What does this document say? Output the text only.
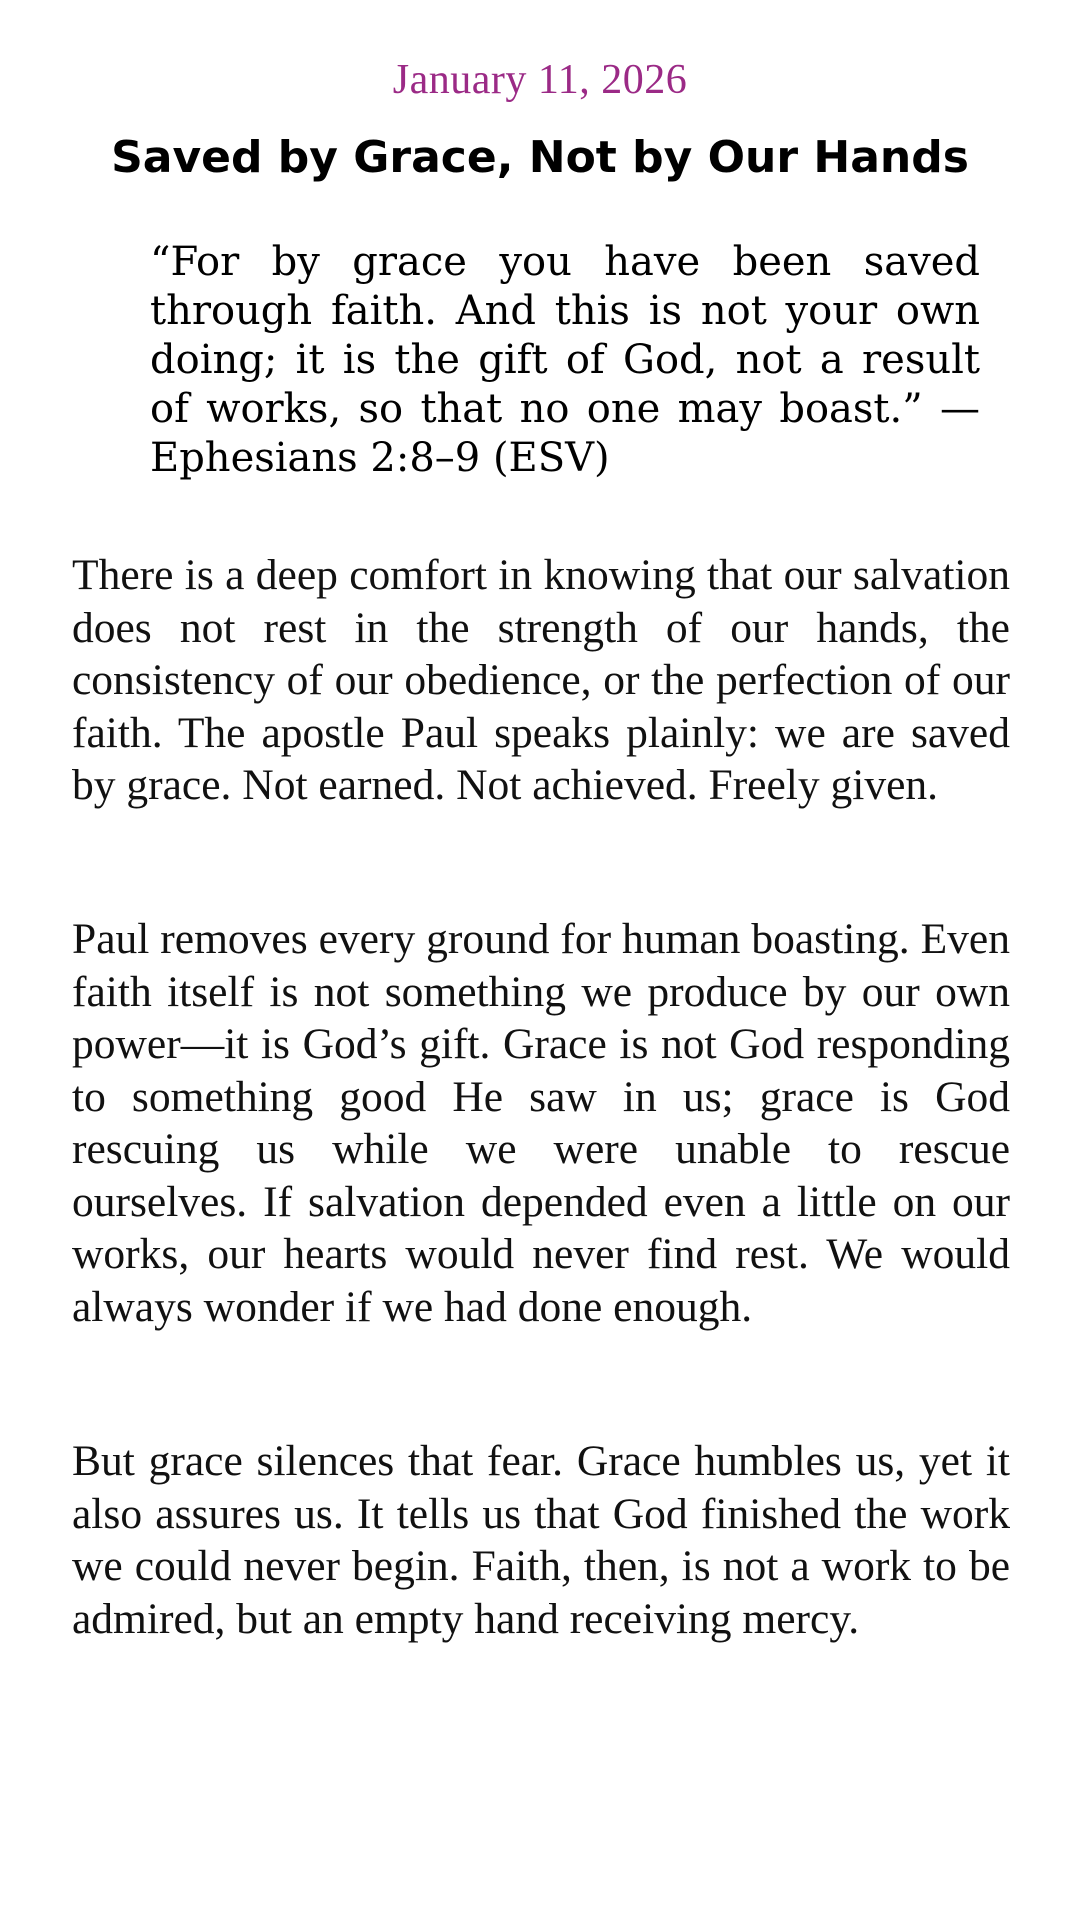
January 11, 2026
Saved by Grace, Not by Our Hands

“For by grace you have been saved through faith. And this is not your own doing; it is the gift of God, not a result of works, so that no one may boast.” — Ephesians 2:8–9 (ESV)

There is a deep comfort in knowing that our salvation does not rest in the strength of our hands, the consistency of our obedience, or the perfection of our faith. The apostle Paul speaks plainly: we are saved by grace. Not earned. Not achieved. Freely given.

Paul removes every ground for human boasting. Even faith itself is not something we produce by our own power—it is God’s gift. Grace is not God responding to something good He saw in us; grace is God rescuing us while we were unable to rescue ourselves. If salvation depended even a little on our works, our hearts would never find rest. We would always wonder if we had done enough.

But grace silences that fear. Grace humbles us, yet it also assures us. It tells us that God finished the work we could never begin. Faith, then, is not a work to be admired, but an empty hand receiving mercy.
